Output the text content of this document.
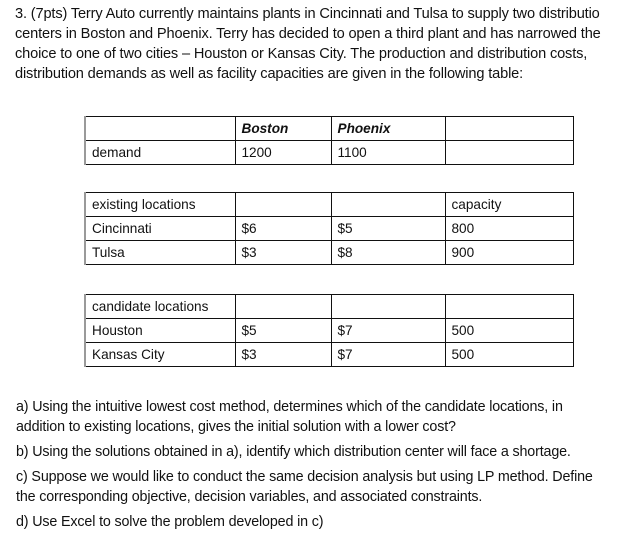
3. (7pts) Terry Auto currently maintains plants in Cincinnati and Tulsa to supply two distributio
centers in Boston and Phoenix. Terry has decided to open a third plant and has narrowed the
choice to one of two cities – Houston or Kansas City. The production and distribution costs,
distribution demands as well as facility capacities are given in the following table:
	Boston	Phoenix	
demand	1200	1100	
existing locations			capacity
Cincinnati	$6	$5	800
Tulsa	$3	$8	900
candidate locations			
Houston	$5	$7	500
Kansas City	$3	$7	500
a) Using the intuitive lowest cost method, determines which of the candidate locations, in
addition to existing locations, gives the initial solution with a lower cost?
b) Using the solutions obtained in a), identify which distribution center will face a shortage.
c) Suppose we would like to conduct the same decision analysis but using LP method. Define
the corresponding objective, decision variables, and associated constraints.
d) Use Excel to solve the problem developed in c)
